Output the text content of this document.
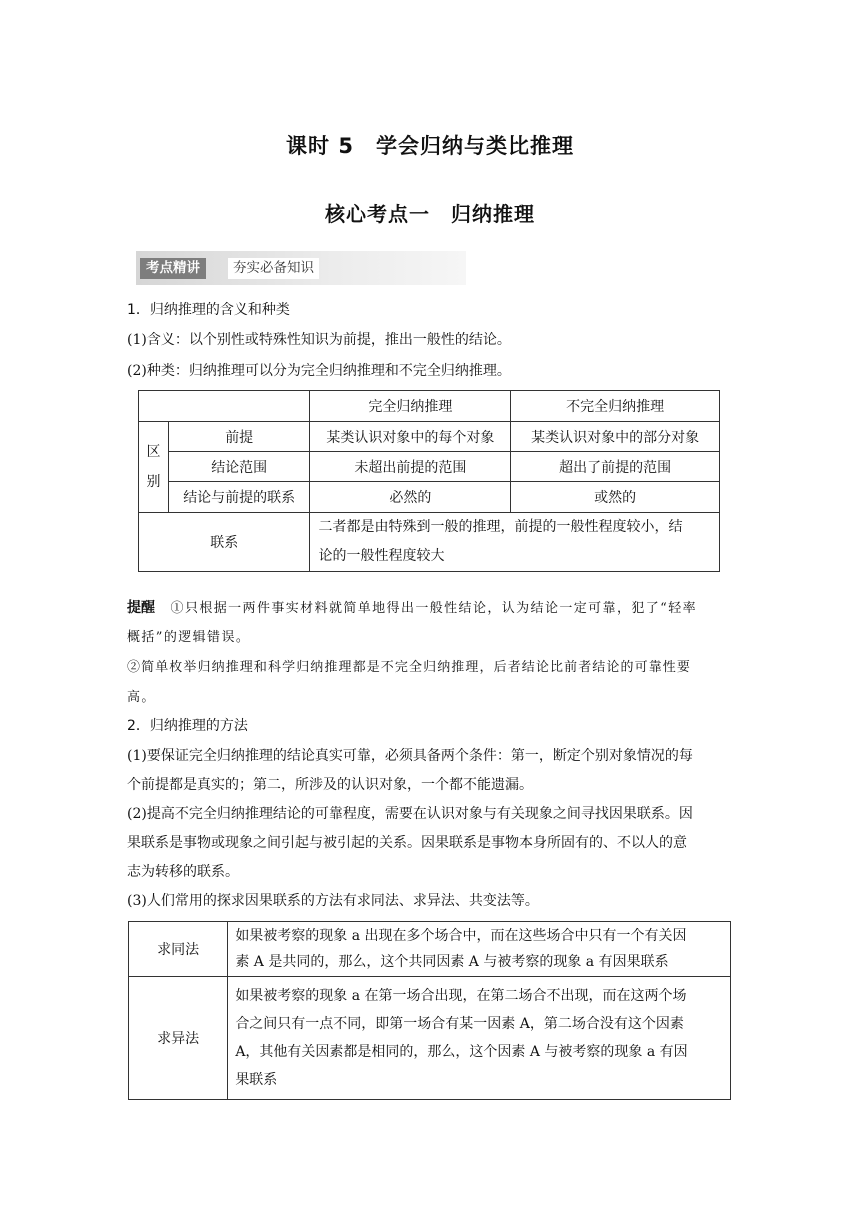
课时 5　学会归纳与类比推理
核心考点一　归纳推理
考点精讲	夯实必备知识
1．归纳推理的含义和种类
(1)含义：以个别性或特殊性知识为前提，推出一般性的结论。
(2)种类：归纳推理可以分为完全归纳推理和不完全归纳推理。
		完全归纳推理	不完全归纳推理

区
别	前提	某类认识对象中的每个对象	某类认识对象中的部分对象
	结论范围	未超出前提的范围	超出了前提的范围
	结论与前提的联系	必然的	或然的
联系		二者都是由特殊到一般的推理，前提的一般性程度较小，结
论的一般性程度较大	
提醒 ①只根据一两件事实材料就简单地得出一般性结论，认为结论一定可靠，犯了“轻率
概括”的逻辑错误。
②简单枚举归纳推理和科学归纳推理都是不完全归纳推理，后者结论比前者结论的可靠性要
高。
2．归纳推理的方法
(1)要保证完全归纳推理的结论真实可靠，必须具备两个条件：第一，断定个别对象情况的每
个前提都是真实的；第二，所涉及的认识对象，一个都不能遗漏。
(2)提高不完全归纳推理结论的可靠程度，需要在认识对象与有关现象之间寻找因果联系。因
果联系是事物或现象之间引起与被引起的关系。因果联系是事物本身所固有的、不以人的意
志为转移的联系。
(3)人们常用的探求因果联系的方法有求同法、求异法、共变法等。
求同法	如果被考察的现象 a 出现在多个场合中，而在这些场合中只有一个有关因
素 A 是共同的，那么，这个共同因素 A 与被考察的现象 a 有因果联系

求异法	如果被考察的现象 a 在第一场合出现，在第二场合不出现，而在这两个场
合之间只有一点不同，即第一场合有某一因素 A，第二场合没有这个因素
A，其他有关因素都是相同的，那么，这个因素 A 与被考察的现象 a 有因
果联系
